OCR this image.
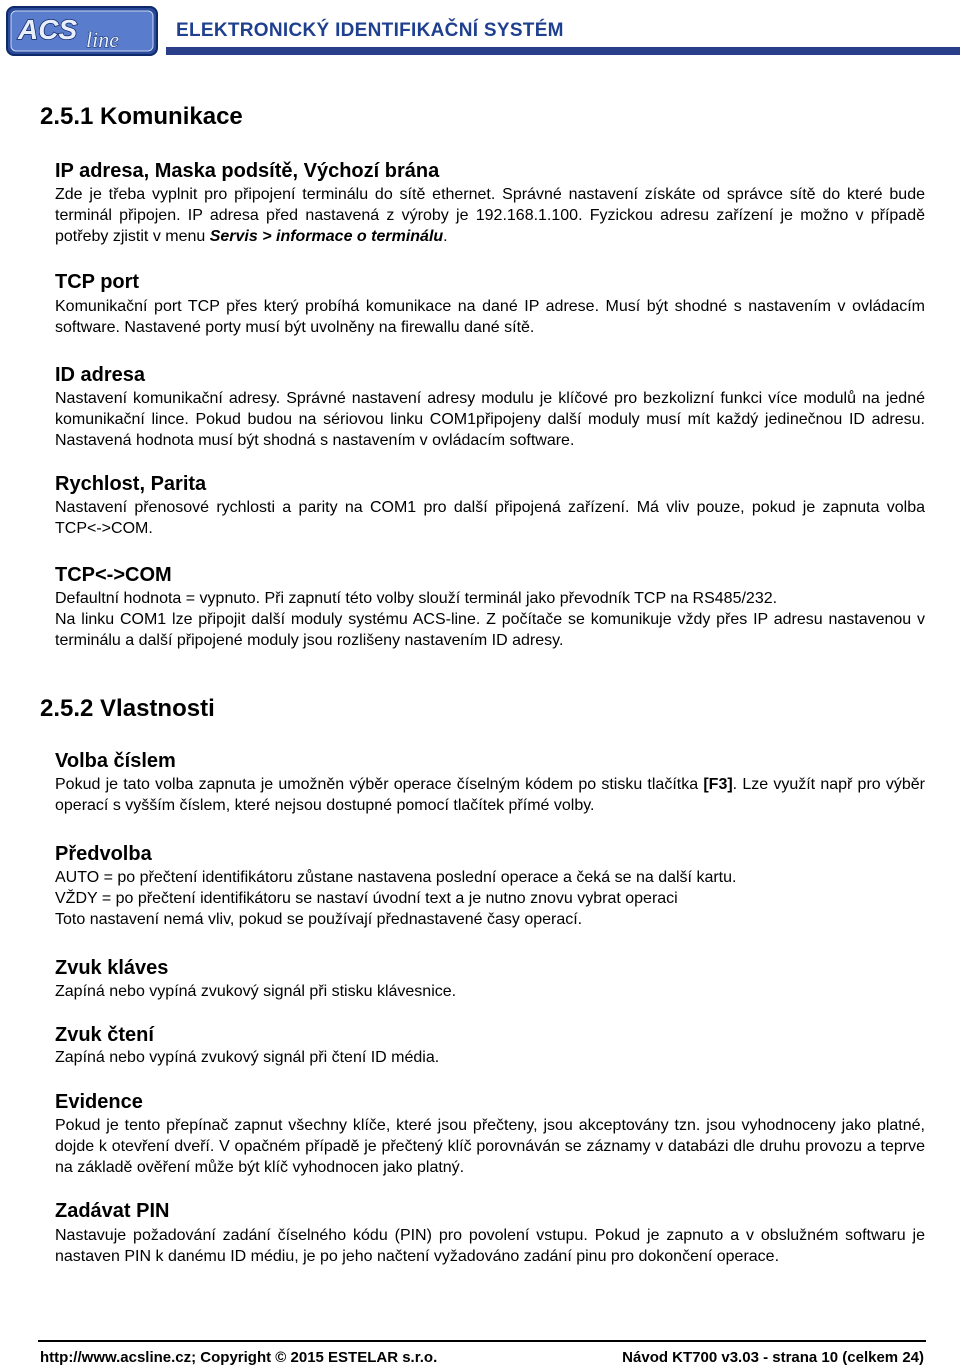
ACS line	ELEKTRONICKÝ IDENTIFIKAČNÍ SYSTÉM
2.5.1 Komunikace
IP adresa, Maska podsítě, Výchozí brána

Zde je třeba vyplnit pro připojení terminálu do sítě ethernet. Správné nastavení získáte od správce sítě do které bude terminál připojen. IP adresa před nastavená z výroby je 192.168.1.100. Fyzickou adresu zařízení je možno v případě potřeby zjistit v menu Servis > informace o terminálu.

TCP port

Komunikační port TCP přes který probíhá komunikace na dané IP adrese. Musí být shodné s nastavením v ovládacím software. Nastavené porty musí být uvolněny na firewallu dané sítě.

ID adresa

Nastavení komunikační adresy. Správné nastavení adresy modulu je klíčové pro bezkolizní funkci více modulů na jedné komunikační lince. Pokud budou na sériovou linku COM1připojeny další moduly musí mít každý jedinečnou ID adresu. Nastavená hodnota musí být shodná s nastavením v ovládacím software.

Rychlost, Parita

Nastavení přenosové rychlosti a parity na COM1 pro další připojená zařízení. Má vliv pouze, pokud je zapnuta volba TCP<->COM.

TCP<->COM

Defaultní hodnota = vypnuto. Při zapnutí této volby slouží terminál jako převodník TCP na RS485/232.

Na linku COM1 lze připojit další moduly systému ACS-line. Z počítače se komunikuje vždy přes IP adresu nastavenou v terminálu a další připojené moduly jsou rozlišeny nastavením ID adresy.

2.5.2 Vlastnosti
Volba číslem

Pokud je tato volba zapnuta je umožněn výběr operace číselným kódem po stisku tlačítka [F3]. Lze využít např pro výběr operací s vyšším číslem, které nejsou dostupné pomocí tlačítek přímé volby.

Předvolba

AUTO = po přečtení identifikátoru zůstane nastavena poslední operace a čeká se na další kartu.

VŽDY = po přečtení identifikátoru se nastaví úvodní text a je nutno znovu vybrat operaci

Toto nastavení nemá vliv, pokud se používají přednastavené časy operací.

Zvuk kláves

Zapíná nebo vypíná zvukový signál při stisku klávesnice.

Zvuk čtení

Zapíná nebo vypíná zvukový signál při čtení ID média.

Evidence

Pokud je tento přepínač zapnut všechny klíče, které jsou přečteny, jsou akceptovány tzn. jsou vyhodnoceny jako platné, dojde k otevření dveří. V opačném případě je přečtený klíč porovnáván se záznamy v databázi dle druhu provozu a teprve na základě ověření může být klíč vyhodnocen jako platný.

Zadávat PIN

Nastavuje požadování zadání číselného kódu (PIN) pro povolení vstupu. Pokud je zapnuto a v obslužném softwaru je nastaven PIN k danému ID médiu, je po jeho načtení vyžadováno zadání pinu pro dokončení operace.

http://www.acsline.cz; Copyright © 2015 ESTELAR s.r.o.	Návod KT700 v3.03 - strana 10 (celkem 24)
